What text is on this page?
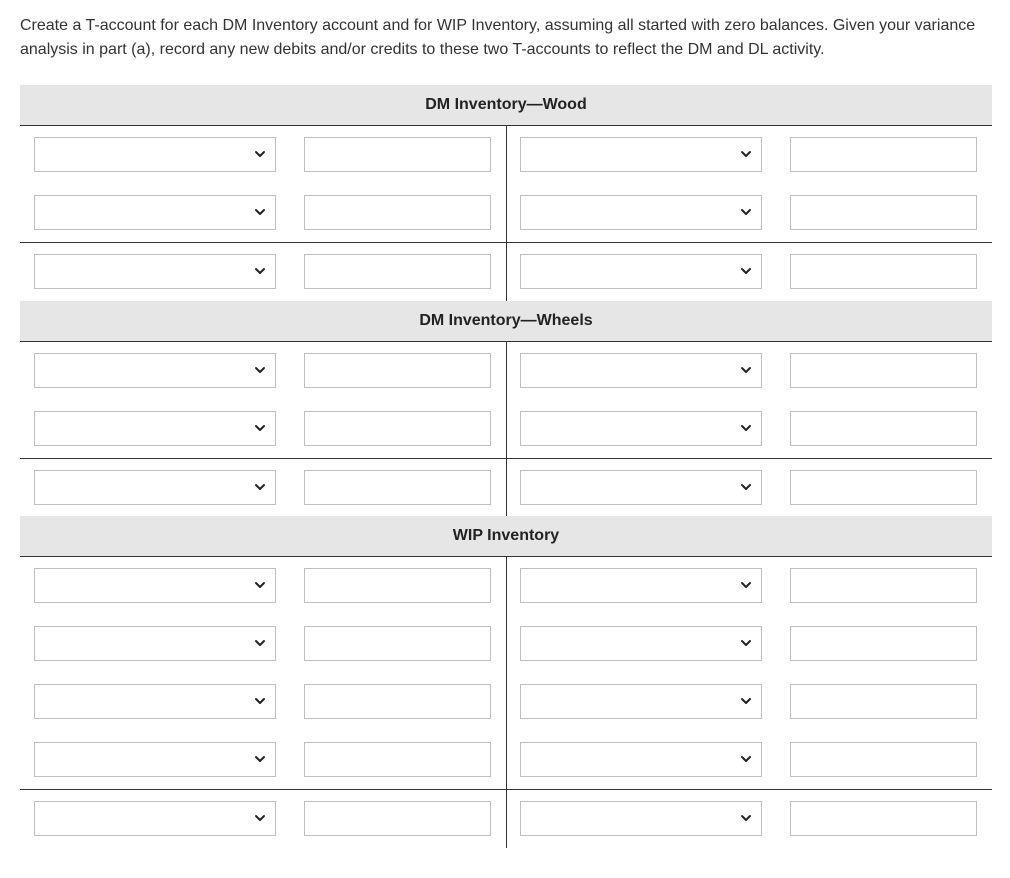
Create a T-account for each DM Inventory account and for WIP Inventory, assuming all started with zero balances. Given your variance analysis in part (a), record any new debits and/or credits to these two T-accounts to reflect the DM and DL activity.

DM Inventory—Wood
DM Inventory—Wheels
WIP Inventory
